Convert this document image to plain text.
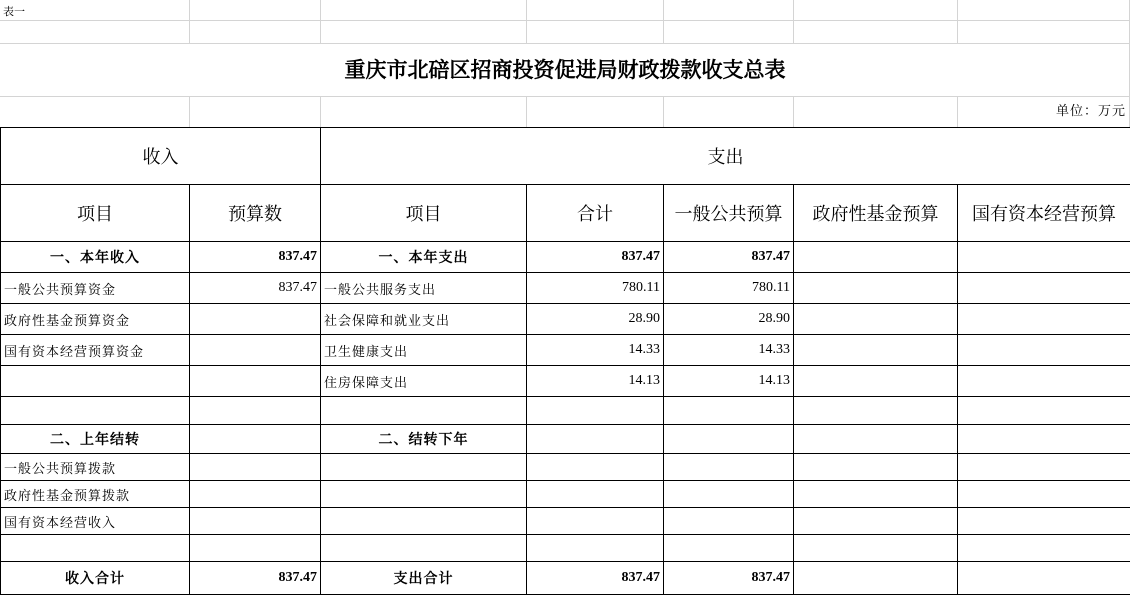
表一
重庆市北碚区招商投资促进局财政拨款收支总表
单位：万元
收入		支出				
项目	预算数	项目	合计	一般公共预算	政府性基金预算	国有资本经营预算
一、本年收入	837.47	一、本年支出	837.47	837.47		
一般公共预算资金	837.47	一般公共服务支出	780.11	780.11		
政府性基金预算资金		社会保障和就业支出	28.90	28.90		
国有资本经营预算资金		卫生健康支出	14.33	14.33		
		住房保障支出	14.13	14.13		

二、上年结转		二、结转下年				
一般公共预算拨款						
政府性基金预算拨款						
国有资本经营收入						

收入合计	837.47	支出合计	837.47	837.47		
